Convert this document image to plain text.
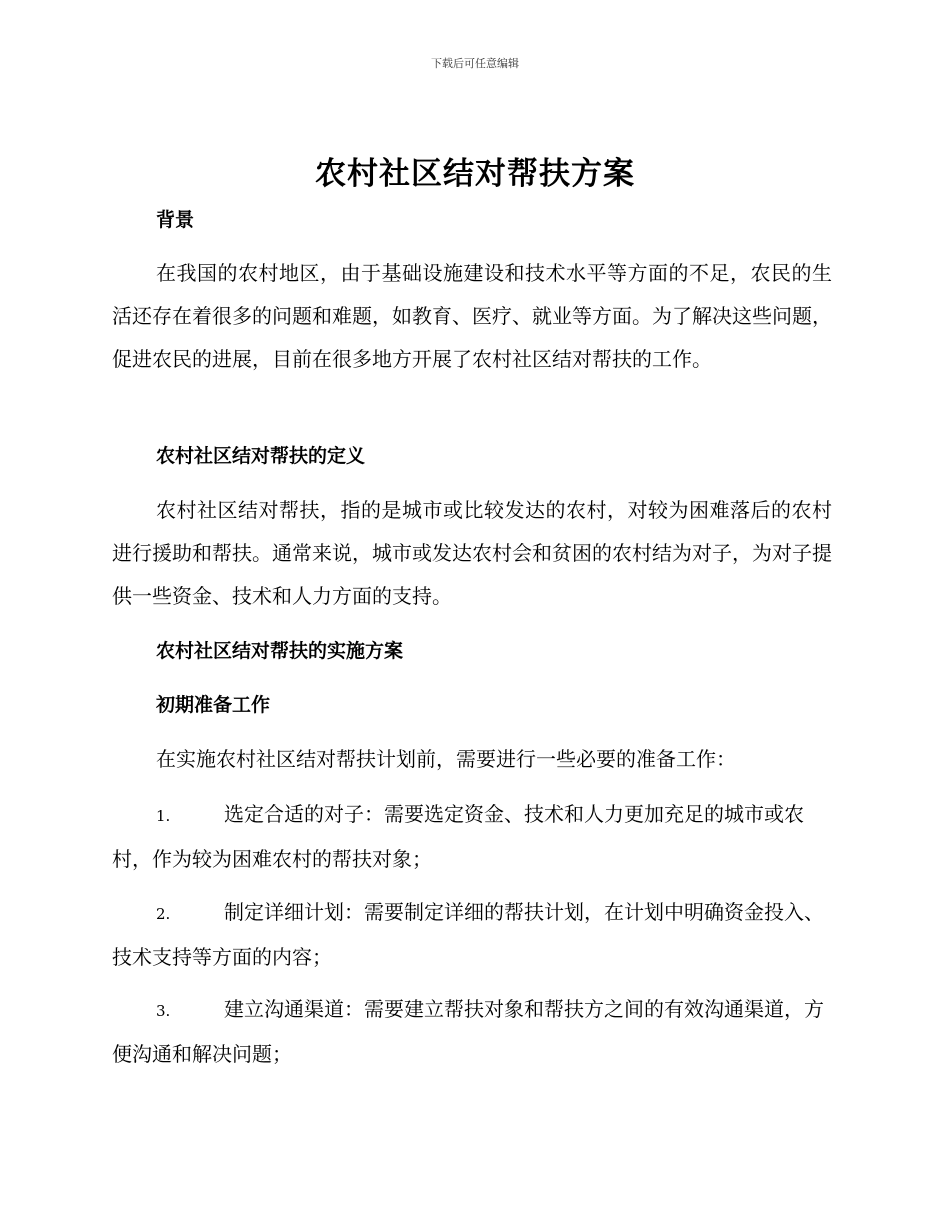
下载后可任意编辑
农村社区结对帮扶方案
背景

在我国的农村地区，由于基础设施建设和技术水平等方面的不足，农民的生活还存在着很多的问题和难题，如教育、医疗、就业等方面。为了解决这些问题，促进农民的进展，目前在很多地方开展了农村社区结对帮扶的工作。

农村社区结对帮扶的定义

农村社区结对帮扶，指的是城市或比较发达的农村，对较为困难落后的农村进行援助和帮扶。通常来说，城市或发达农村会和贫困的农村结为对子，为对子提供一些资金、技术和人力方面的支持。

农村社区结对帮扶的实施方案
初期准备工作

在实施农村社区结对帮扶计划前，需要进行一些必要的准备工作：

1.	选定合适的对子：需要选定资金、技术和人力更加充足的城市或农村，作为较为困难农村的帮扶对象；
2.	制定详细计划：需要制定详细的帮扶计划，在计划中明确资金投入、技术支持等方面的内容；
3.	建立沟通渠道：需要建立帮扶对象和帮扶方之间的有效沟通渠道，方便沟通和解决问题；
